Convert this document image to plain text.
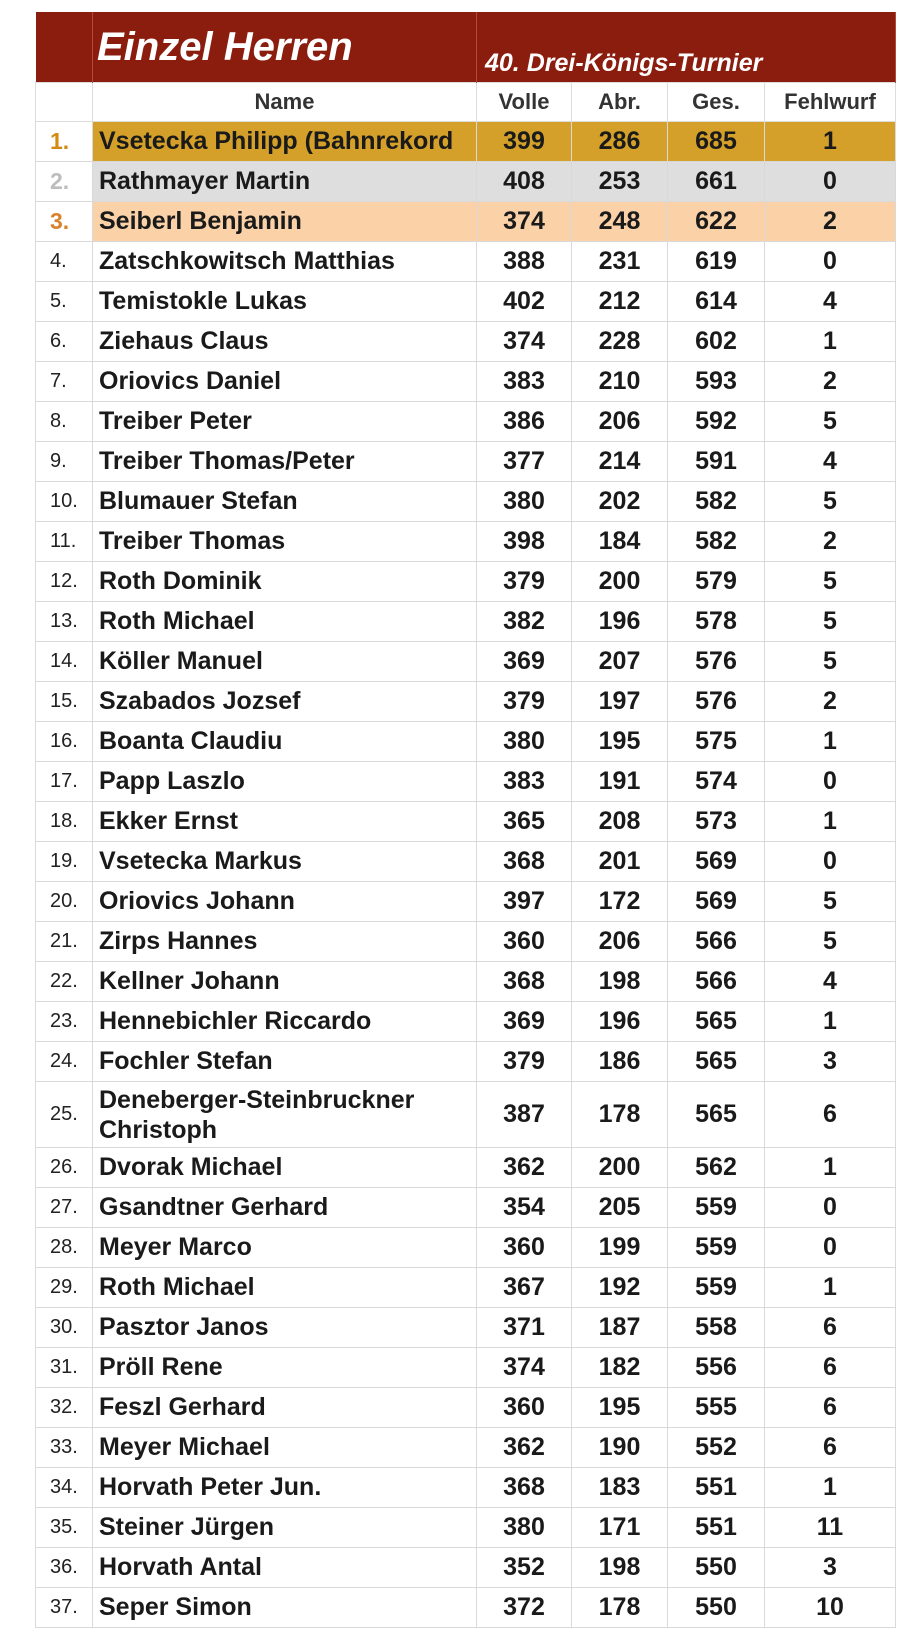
	Einzel Herren	40. Drei-Königs-Turnier			
	Name	Volle	Abr.	Ges.	Fehlwurf
1.	Vsetecka Philipp (Bahnrekord	399	286	685	1
2.	Rathmayer Martin	408	253	661	0
3.	Seiberl Benjamin	374	248	622	2
4.	Zatschkowitsch Matthias	388	231	619	0
5.	Temistokle Lukas	402	212	614	4
6.	Ziehaus Claus	374	228	602	1
7.	Oriovics Daniel	383	210	593	2
8.	Treiber Peter	386	206	592	5
9.	Treiber Thomas/Peter	377	214	591	4
10.	Blumauer Stefan	380	202	582	5
11.	Treiber Thomas	398	184	582	2
12.	Roth Dominik	379	200	579	5
13.	Roth Michael	382	196	578	5
14.	Köller Manuel	369	207	576	5
15.	Szabados Jozsef	379	197	576	2
16.	Boanta Claudiu	380	195	575	1
17.	Papp Laszlo	383	191	574	0
18.	Ekker Ernst	365	208	573	1
19.	Vsetecka Markus	368	201	569	0
20.	Oriovics Johann	397	172	569	5
21.	Zirps Hannes	360	206	566	5
22.	Kellner Johann	368	198	566	4
23.	Hennebichler Riccardo	369	196	565	1
24.	Fochler Stefan	379	186	565	3
25.	Deneberger-Steinbruckner Christoph	387	178	565	6
26.	Dvorak Michael	362	200	562	1
27.	Gsandtner Gerhard	354	205	559	0
28.	Meyer Marco	360	199	559	0
29.	Roth Michael	367	192	559	1
30.	Pasztor Janos	371	187	558	6
31.	Pröll Rene	374	182	556	6
32.	Feszl Gerhard	360	195	555	6
33.	Meyer Michael	362	190	552	6
34.	Horvath Peter Jun.	368	183	551	1
35.	Steiner Jürgen	380	171	551	11
36.	Horvath Antal	352	198	550	3
37.	Seper Simon	372	178	550	10
